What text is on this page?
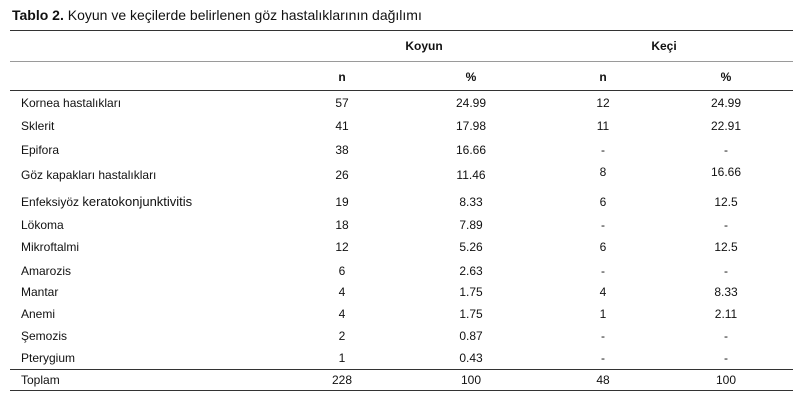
Tablo 2. Koyun ve keçilerde belirlenen göz hastalıklarının dağılımı
Koyun	Keçi
n	%	n	%
Kornea hastalıkları	57	24.99	12	24.99
Sklerit	41	17.98	11	22.91
Epifora	38	16.66	-	-
Göz kapakları hastalıkları	26	11.46	8	16.66
Enfeksiyöz keratokonjunktivitis	19	8.33	6	12.5
Lökoma	18	7.89	-	-
Mikroftalmi	12	5.26	6	12.5
Amarozis	6	2.63	-	-
Mantar	4	1.75	4	8.33
Anemi	4	1.75	1	2.11
Şemozis	2	0.87	-	-
Pterygium	1	0.43	-	-
Toplam	228	100	48	100
